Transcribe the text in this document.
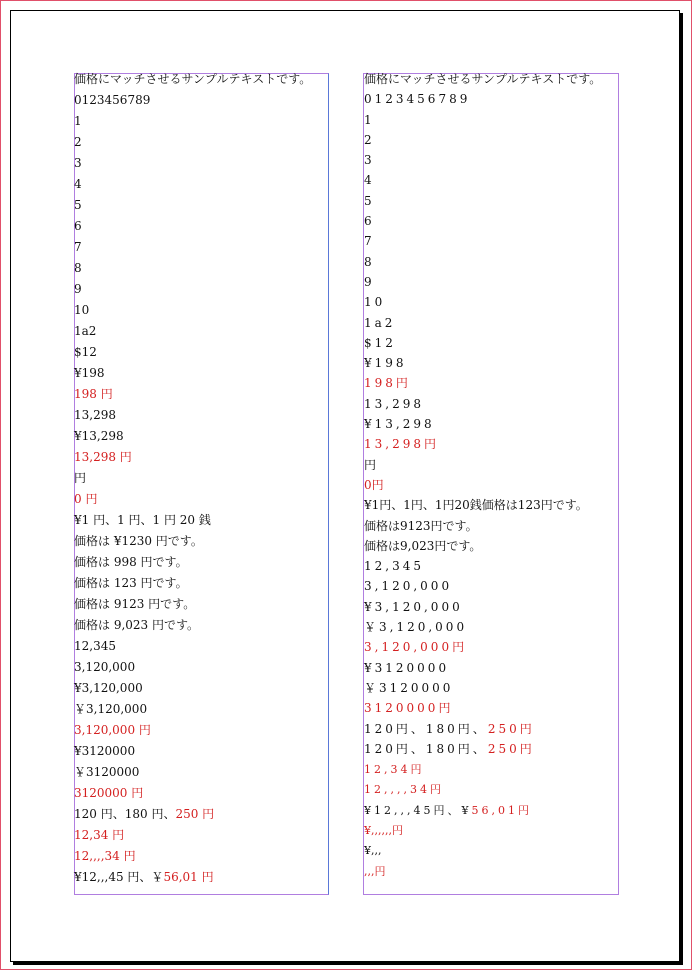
価格にマッチさせるサンプルテキストです。
0123456789
1
2
3
4
5
6
7
8
9
10
1a2
$12
¥198
198 円
13,298
¥13,298
13,298 円
円
0 円
¥1 円、1 円、1 円 20 銭
価格は ¥1230 円です。
価格は 998 円です。
価格は 123 円です。
価格は 9123 円です。
価格は 9,023 円です。
12,345
3,120,000
¥3,120,000
￥3,120,000
3,120,000 円
¥3120000
￥3120000
3120000 円
120 円、180 円、250 円
12,34 円
12,,,,34 円
¥12,,,45 円、￥56,01 円
価格にマッチさせるサンプルテキストです。
0123456789
1
2
3
4
5
6
7
8
9
10
1a2
$12
¥198
198円
13,298
¥13,298
13,298円
円
0円
¥1円、1円、1円20銭価格は123円です。
価格は9123円です。
価格は9,023円です。
12,345
3,120,000
¥3,120,000
￥3,120,000
3,120,000円
¥3120000
￥3120000
3120000円
120円、180円、250円
120円、180円、250円
12,34円
12,,,,34円
¥12,,,45円、¥56,01円
¥,,,,,,円
¥,,,
,,,円
